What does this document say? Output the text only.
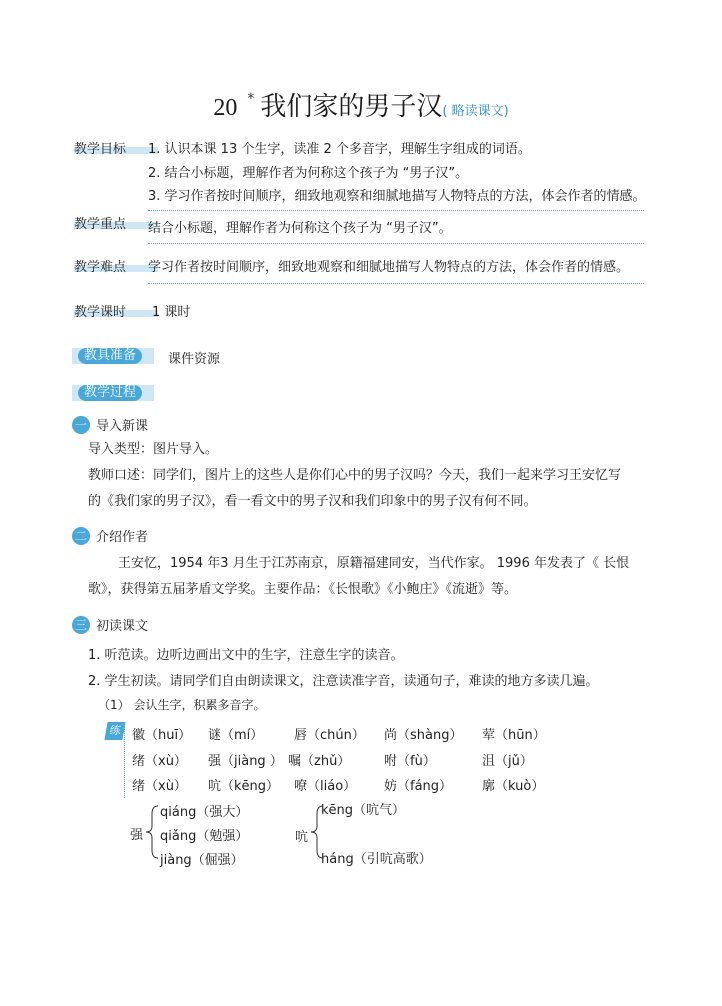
20 * 我们家的男子汉( 略读课文)
教学目标	1. 认识本课 13 个生字，读准 2 个多音字，理解生字组成的词语。
2. 结合小标题，理解作者为何称这个孩子为 “男子汉”。
3. 学习作者按时间顺序，细致地观察和细腻地描写人物特点的方法，体会作者的情感。
教学重点	结合小标题，理解作者为何称这个孩子为 “男子汉”。
教学难点	学习作者按时间顺序，细致地观察和细腻地描写人物特点的方法，体会作者的情感。
教学课时	1 课时
教具准备	课件资源
教学过程
一 导入新课
导入类型：图片导入。
教师口述：同学们，图片上的这些人是你们心中的男子汉吗？今天，我们一起来学习王安忆写
的《我们家的男子汉》，看一看文中的男子汉和我们印象中的男子汉有何不同。
二 介绍作者
王安忆，1954 年3 月生于江苏南京，原籍福建同安，当代作家。 1996 年发表了《 长恨
歌》，获得第五届茅盾文学奖。主要作品：《长恨歌》《小鲍庄》《流逝》等。
三 初读课文
1. 听范读。边听边画出文中的生字，注意生字的读音。
2. 学生初读。请同学们自由朗读课文，注意读准字音，读通句子，难读的地方多读几遍。
（1） 会认生字，积累多音字。
练 徽（huī） 谜（mí） 唇（chún） 尚（shàng） 荤（hūn）
绪（xù） 强（jiàng ） 嘱（zhǔ）	咐（fù）	沮（jǔ）
绪（xù） 吭（kēng） 嘹（liáo） 妨（fáng） 廓（kuò）
强
qiáng（强大）
qiǎng（勉强）
jiàng（倔强）
吭
kēng（吭气）
háng（引吭高歌）
